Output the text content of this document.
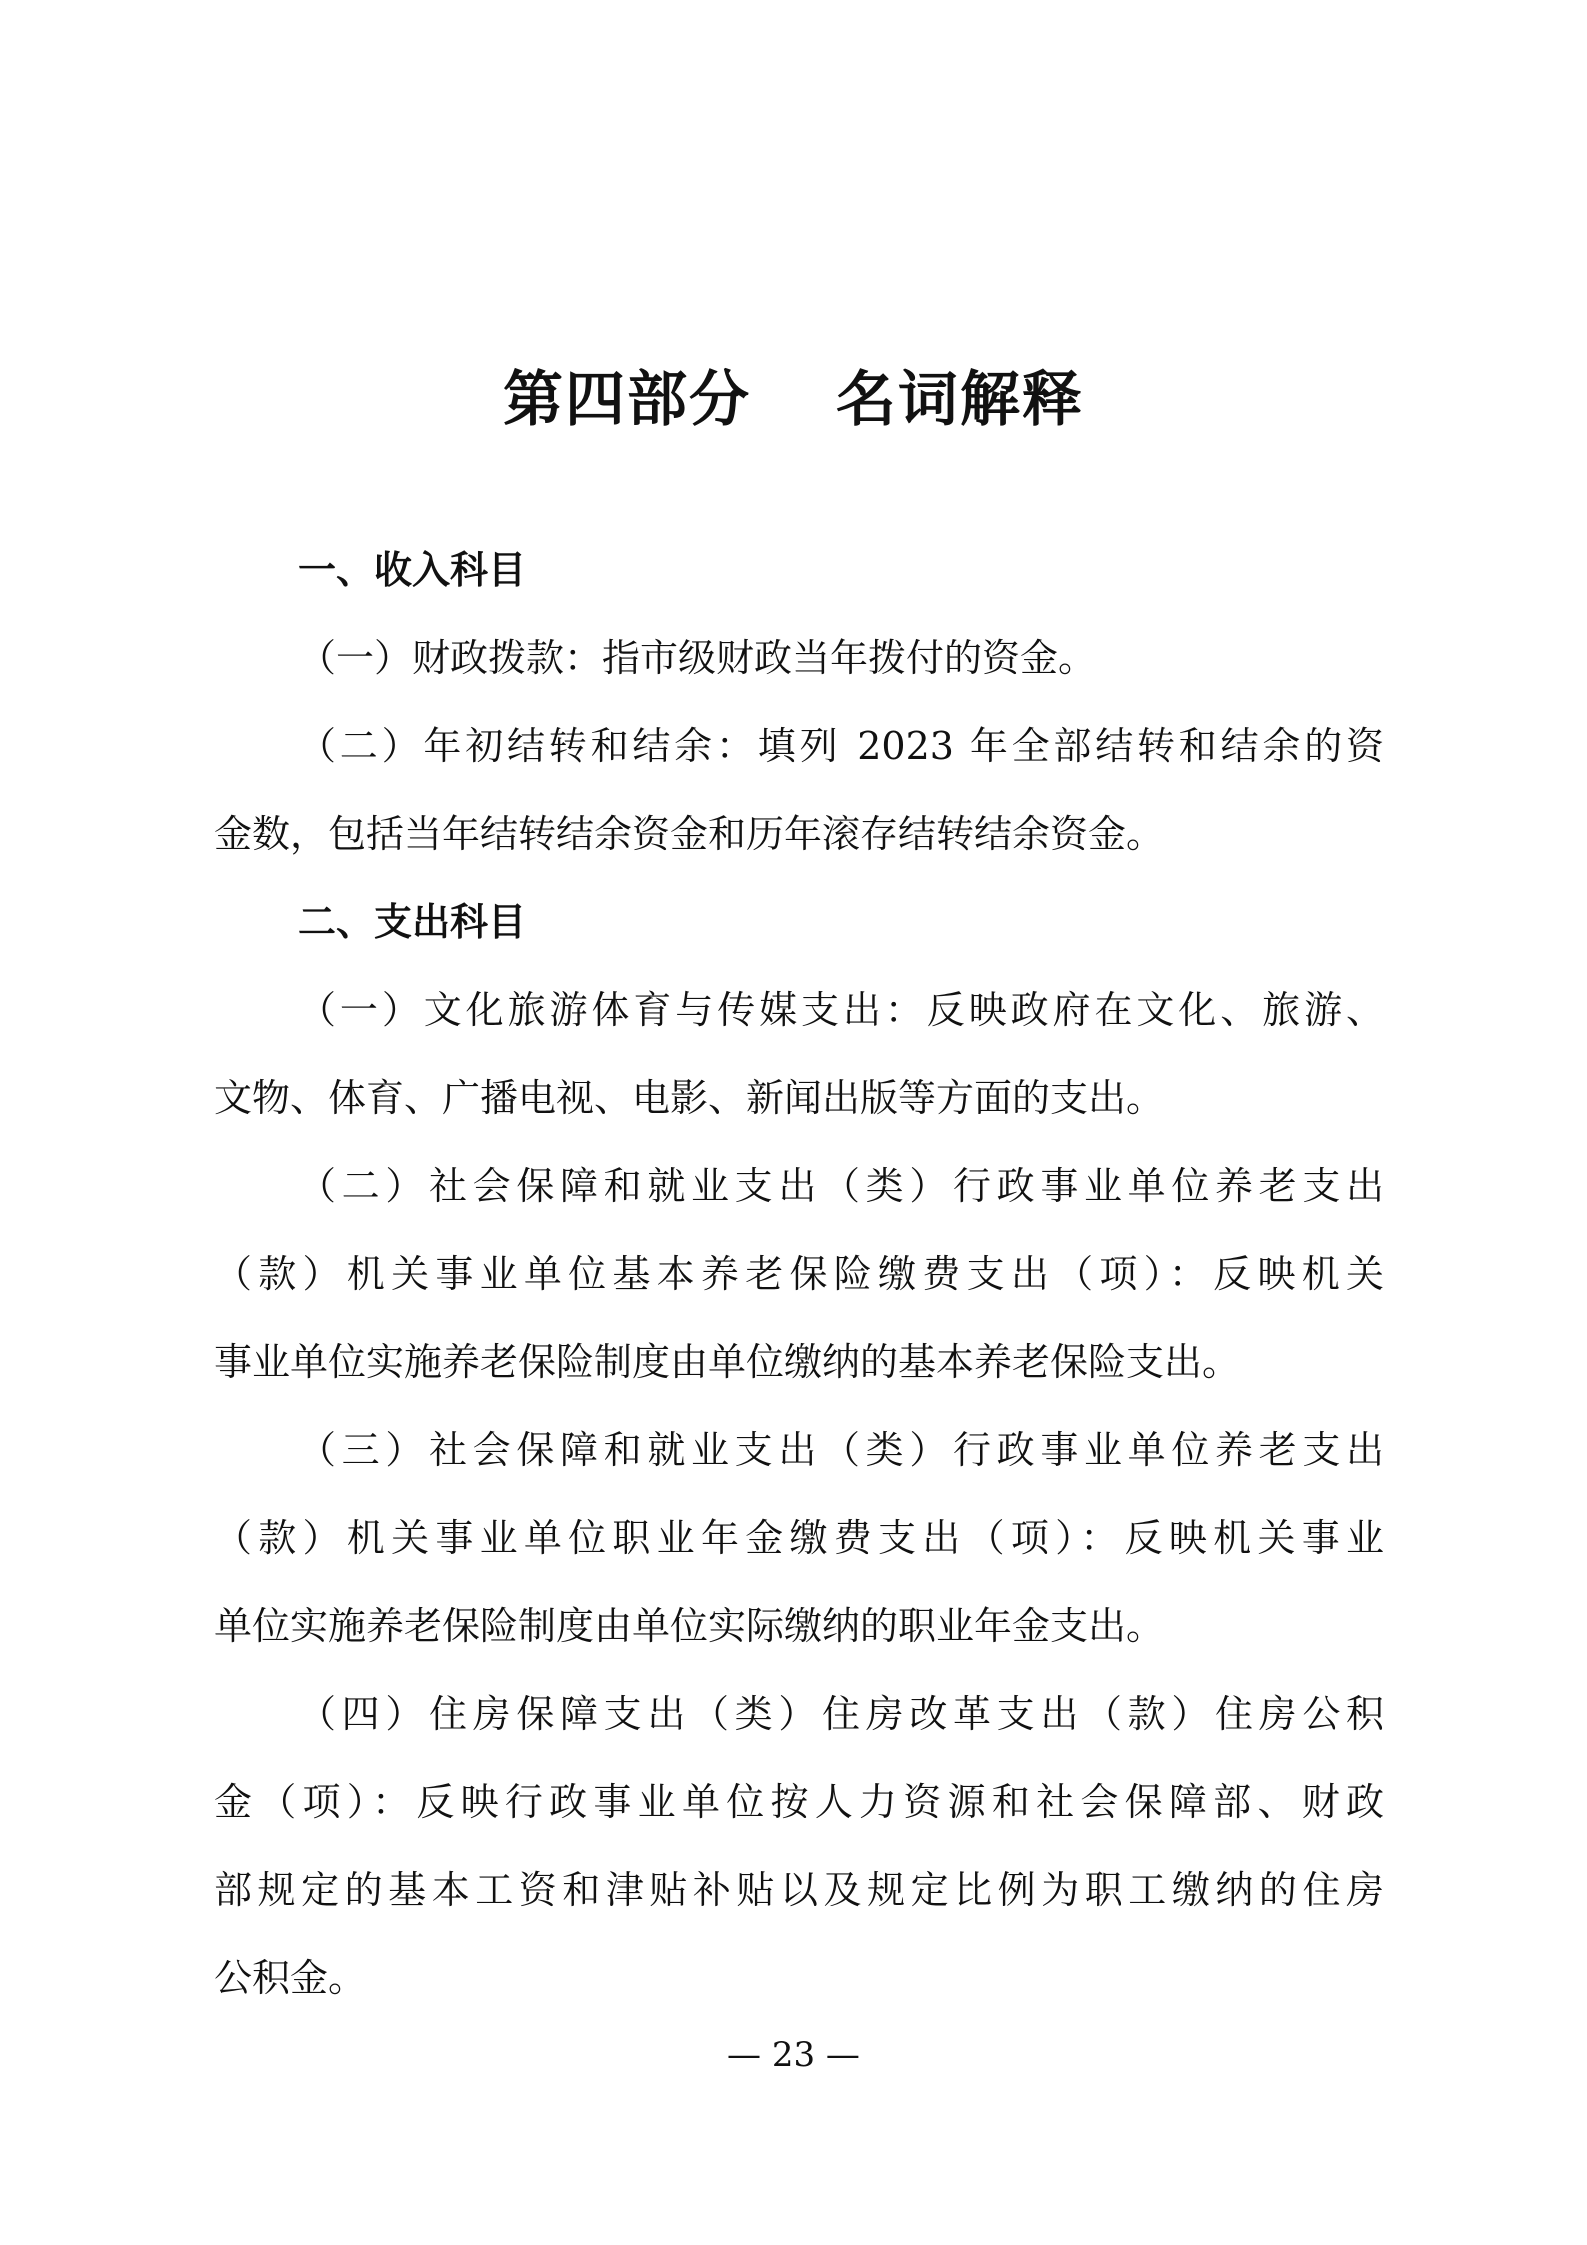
第四部分　 名词解释
一、收入科目
（一）财政拨款：指市级财政当年拨付的资金。
（二）年初结转和结余：填列 2023 年全部结转和结余的资
金数，包括当年结转结余资金和历年滚存结转结余资金。
二、支出科目
（一）文化旅游体育与传媒支出：反映政府在文化、旅游、
文物、体育、广播电视、电影、新闻出版等方面的支出。
（二）社会保障和就业支出（类）行政事业单位养老支出
（款）机关事业单位基本养老保险缴费支出（项）：反映机关
事业单位实施养老保险制度由单位缴纳的基本养老保险支出。
（三）社会保障和就业支出（类）行政事业单位养老支出
（款）机关事业单位职业年金缴费支出（项）：反映机关事业
单位实施养老保险制度由单位实际缴纳的职业年金支出。
（四）住房保障支出（类）住房改革支出（款）住房公积
金（项）：反映行政事业单位按人力资源和社会保障部、财政
部规定的基本工资和津贴补贴以及规定比例为职工缴纳的住房
公积金。
— 23 —
